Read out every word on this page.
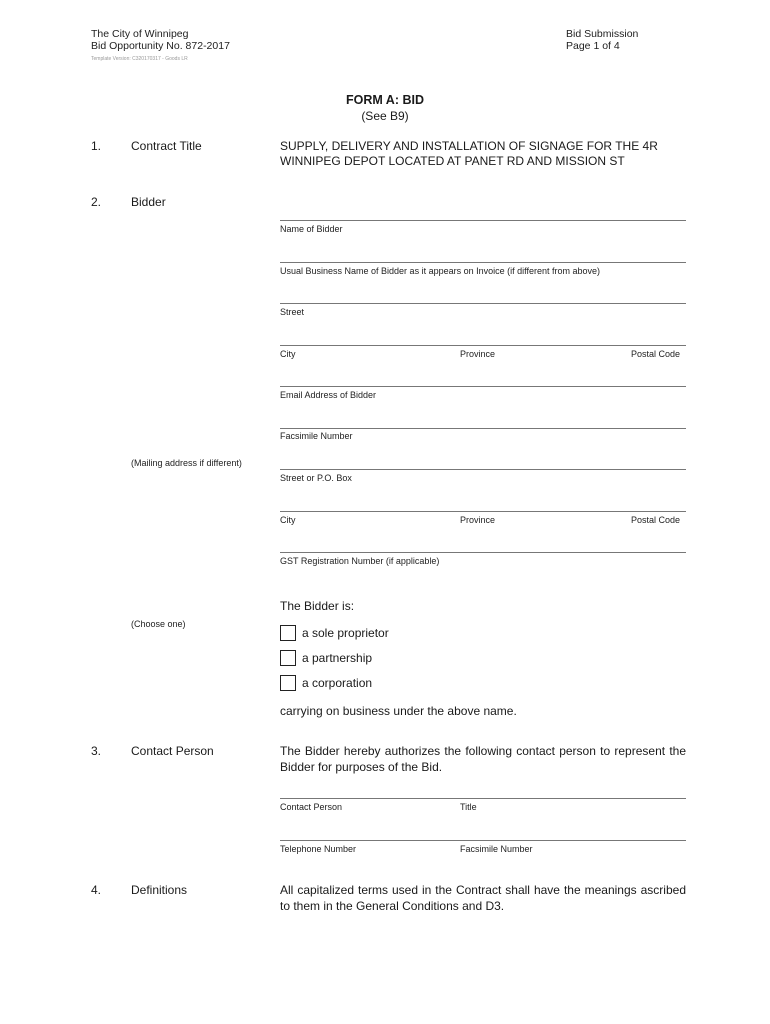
The City of Winnipeg
Bid Opportunity No. 872-2017
Template Version: C320170317 - Goods LR
Bid Submission
Page 1 of 4
FORM A: BID
(See B9)
1. Contract Title	SUPPLY, DELIVERY AND INSTALLATION OF SIGNAGE FOR THE 4R
WINNIPEG DEPOT LOCATED AT PANET RD AND MISSION ST
2. Bidder
Name of Bidder
Usual Business Name of Bidder as it appears on Invoice (if different from above)
Street
City	Province	Postal Code
Email Address of Bidder
Facsimile Number
(Mailing address if different)
Street or P.O. Box
City	Province	Postal Code
GST Registration Number (if applicable)
The Bidder is:
(Choose one)
a sole proprietor
a partnership
a corporation
carrying on business under the above name.
3. Contact Person	The Bidder hereby authorizes the following contact person to represent the Bidder for purposes of the Bid.
Contact Person	Title
Telephone Number	Facsimile Number
4. Definitions	All capitalized terms used in the Contract shall have the meanings ascribed to them in the General Conditions and D3.
